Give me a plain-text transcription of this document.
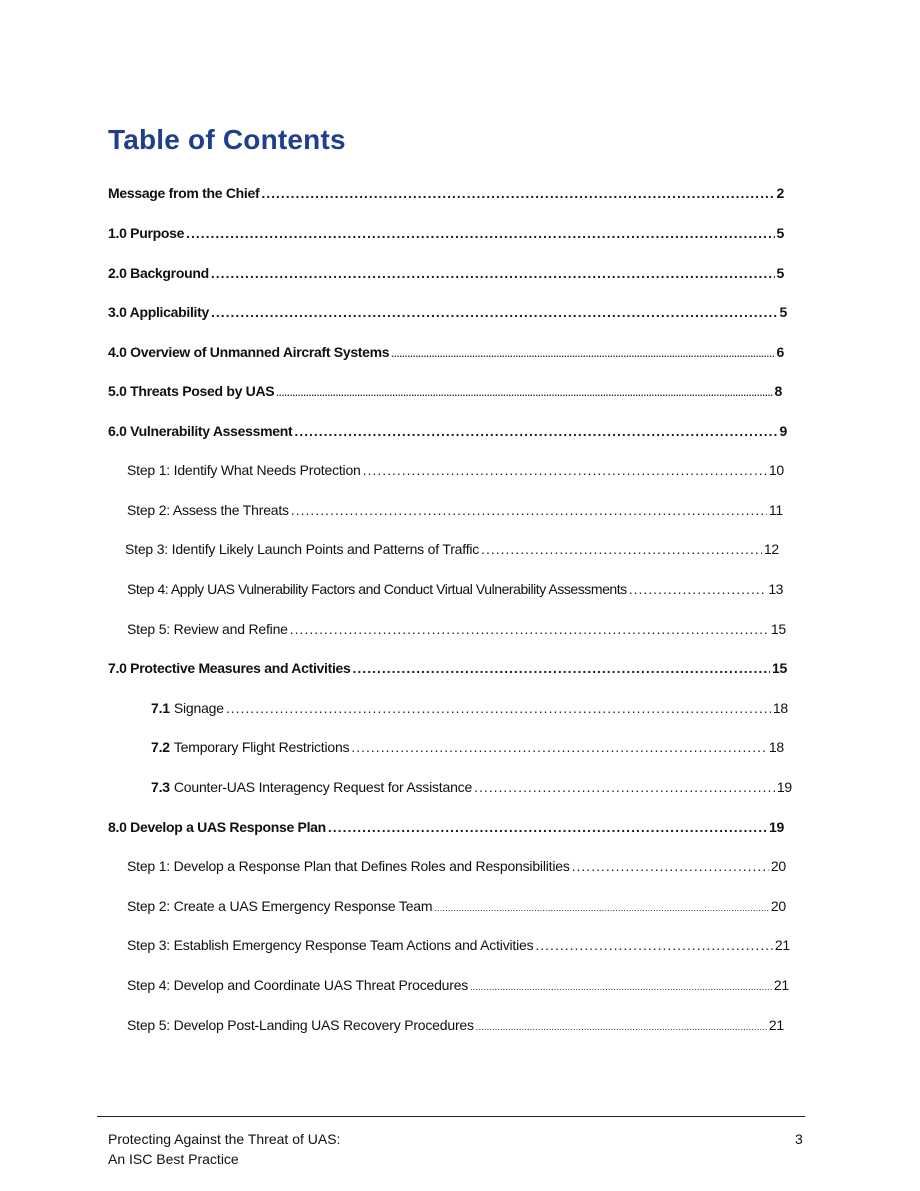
Table of Contents
Message from the Chief .....	2
1.0 Purpose .....	5
2.0 Background .....	5
3.0 Applicability .....	5
4.0 Overview of Unmanned Aircraft Systems .....	6
5.0 Threats Posed by UAS .....	8
6.0 Vulnerability Assessment .....	9
Step 1: Identify What Needs Protection .....	10
Step 2: Assess the Threats .....	11
Step 3: Identify Likely Launch Points and Patterns of Traffic .....	12
Step 4: Apply UAS Vulnerability Factors and Conduct Virtual Vulnerability Assessments .....	13
Step 5: Review and Refine .....	15
7.0 Protective Measures and Activities .....	15
7.1 Signage .....	18
7.2 Temporary Flight Restrictions .....	18
7.3 Counter-UAS Interagency Request for Assistance .....	19
8.0 Develop a UAS Response Plan .....	19
Step 1: Develop a Response Plan that Defines Roles and Responsibilities .....	20
Step 2: Create a UAS Emergency Response Team .....	20
Step 3: Establish Emergency Response Team Actions and Activities .....	21
Step 4: Develop and Coordinate UAS Threat Procedures .....	21
Step 5: Develop Post-Landing UAS Recovery Procedures .....	21
Protecting Against the Threat of UAS:
An ISC Best Practice
3
